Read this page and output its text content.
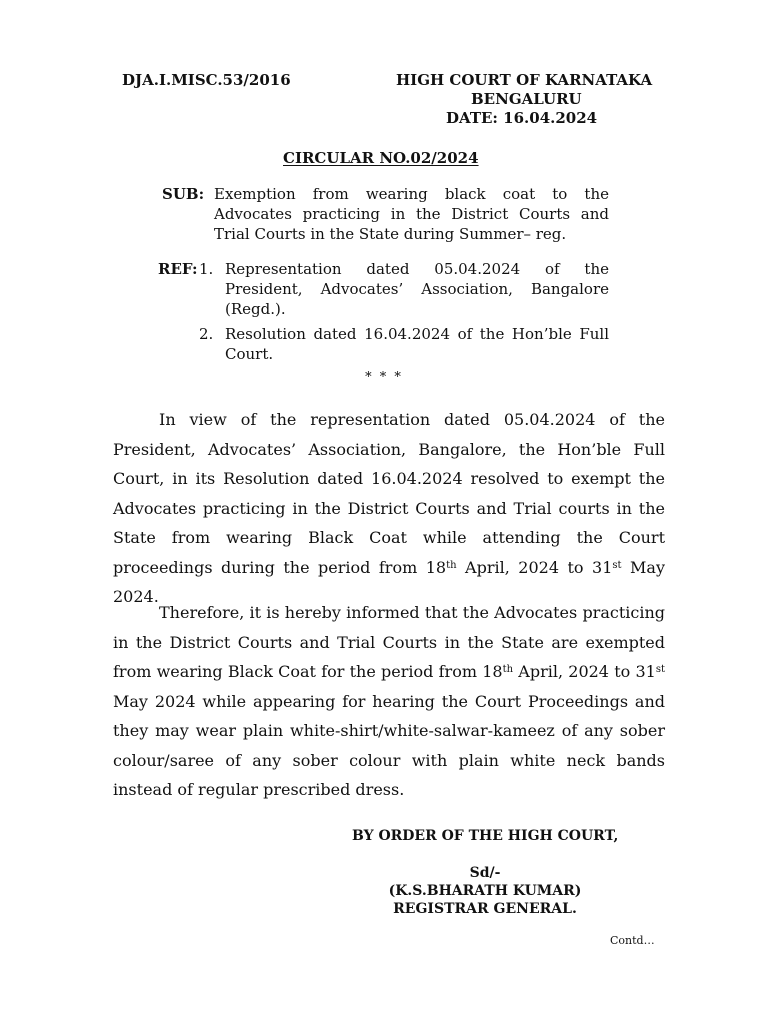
DJA.I.MISC.53/2016	HIGH COURT OF KARNATAKA
BENGALURU
DATE: 16.04.2024
CIRCULAR NO.02/2024
SUB: Exemption from wearing black coat to the Advocates practicing in the District Courts and Trial Courts in the State during Summer– reg.
REF: 1. Representation dated 05.04.2024 of the President, Advocates’ Association, Bangalore (Regd.).
2. Resolution dated 16.04.2024 of the Hon’ble Full Court.
* * *

In view of the representation dated 05.04.2024 of the President, Advocates’ Association, Bangalore, the Hon’ble Full Court, in its Resolution dated 16.04.2024 resolved to exempt the Advocates practicing in the District Courts and Trial courts in the State from wearing Black Coat while attending the Court proceedings during the period from 18th April, 2024 to 31st May 2024.

Therefore, it is hereby informed that the Advocates practicing in the District Courts and Trial Courts in the State are exempted from wearing Black Coat for the period from 18th April, 2024 to 31st May 2024 while appearing for hearing the Court Proceedings and they may wear plain white-shirt/white-salwar-kameez of any sober colour/saree of any sober colour with plain white neck bands instead of regular prescribed dress.

BY ORDER OF THE HIGH COURT,
Sd/-
(K.S.BHARATH KUMAR)
REGISTRAR GENERAL.
Contd…
